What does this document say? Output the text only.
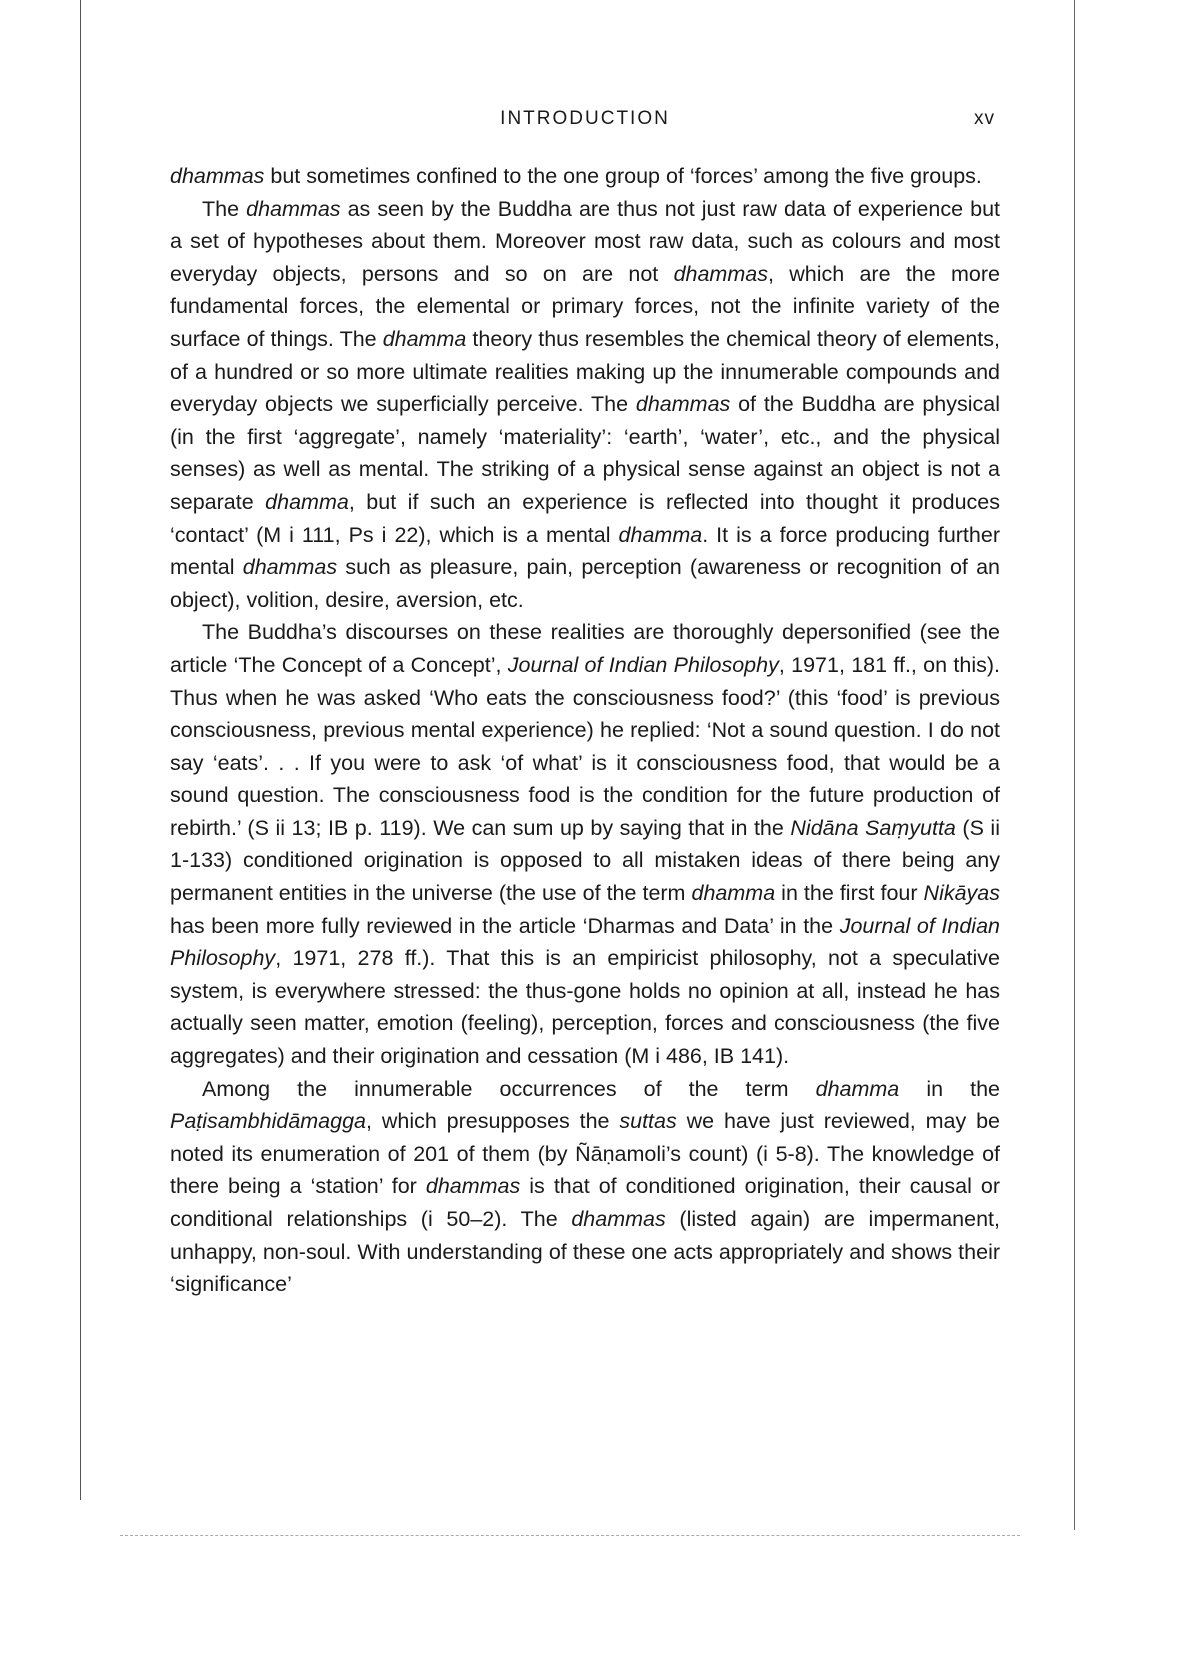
INTRODUCTION	xv

dhammas but sometimes confined to the one group of ‘forces’ among the five groups.

The dhammas as seen by the Buddha are thus not just raw data of experience but a set of hypotheses about them. Moreover most raw data, such as colours and most everyday objects, persons and so on are not dhammas, which are the more fundamental forces, the elemental or primary forces, not the infinite variety of the surface of things. The dhamma theory thus resembles the chemical theory of elements, of a hundred or so more ultimate realities making up the innumerable compounds and everyday objects we superficially perceive. The dhammas of the Buddha are physical (in the first ‘aggregate’, namely ‘materiality’: ‘earth’, ‘water’, etc., and the physical senses) as well as mental. The striking of a physical sense against an object is not a separate dhamma, but if such an experience is reflected into thought it produces ‘contact’ (M i 111, Ps i 22), which is a mental dhamma. It is a force producing further mental dhammas such as pleasure, pain, perception (awareness or recognition of an object), volition, desire, aversion, etc.

The Buddha’s discourses on these realities are thoroughly depersonified (see the article ‘The Concept of a Concept’, Journal of Indian Philosophy, 1971, 181 ff., on this). Thus when he was asked ‘Who eats the consciousness food?’ (this ‘food’ is previous consciousness, previous mental experience) he replied: ‘Not a sound question. I do not say ‘eats’. . . If you were to ask ‘of what’ is it consciousness food, that would be a sound question. The consciousness food is the condition for the future production of rebirth.’ (S ii 13; IB p. 119). We can sum up by saying that in the Nidāna Saṃyutta (S ii 1-133) conditioned origination is opposed to all mistaken ideas of there being any permanent entities in the universe (the use of the term dhamma in the first four Nikāyas has been more fully reviewed in the article ‘Dharmas and Data’ in the Journal of Indian Philosophy, 1971, 278 ff.). That this is an empiricist philosophy, not a speculative system, is everywhere stressed: the thus-gone holds no opinion at all, instead he has actually seen matter, emotion (feeling), perception, forces and consciousness (the five aggregates) and their origination and cessation (M i 486, IB 141).

Among the innumerable occurrences of the term dhamma in the Paṭisambhidāmagga, which presupposes the suttas we have just reviewed, may be noted its enumeration of 201 of them (by Ñāṇamoli’s count) (i 5-8). The knowledge of there being a ‘station’ for dhammas is that of conditioned origination, their causal or conditional relationships (i 50–2). The dhammas (listed again) are impermanent, unhappy, non-soul. With understanding of these one acts appropriately and shows their ‘significance’
